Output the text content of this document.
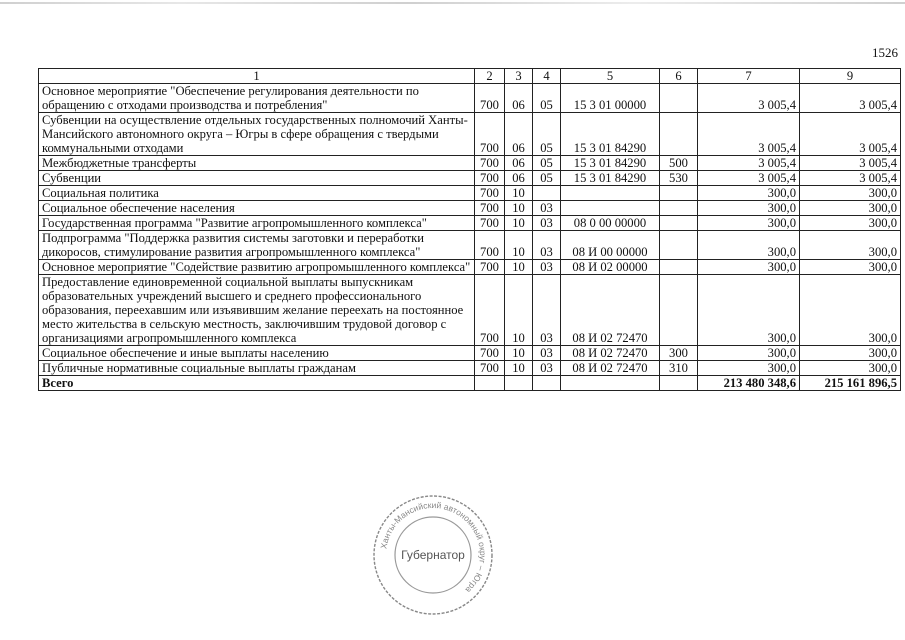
1526
1	2	3	4	5	6	7	9
Основное мероприятие "Обеспечение регулирования деятельности по обращению с отходами производства и потребления"	700	06	05	15 3 01 00000		3 005,4	3 005,4
Субвенции на осуществление отдельных государственных полномочий Ханты-Мансийского автономного округа – Югры в сфере обращения с твердыми коммунальными отходами	700	06	05	15 3 01 84290		3 005,4	3 005,4
Межбюджетные трансферты	700	06	05	15 3 01 84290	500	3 005,4	3 005,4
Субвенции	700	06	05	15 3 01 84290	530	3 005,4	3 005,4
Социальная политика	700	10				300,0	300,0
Социальное обеспечение населения	700	10	03			300,0	300,0
Государственная программа "Развитие агропромышленного комплекса"	700	10	03	08 0 00 00000		300,0	300,0
Подпрограмма "Поддержка развития системы заготовки и переработки дикоросов, стимулирование развития агропромышленного комплекса"	700	10	03	08 И 00 00000		300,0	300,0
Основное мероприятие "Содействие развитию агропромышленного комплекса"	700	10	03	08 И 02 00000		300,0	300,0
Предоставление единовременной социальной выплаты выпускникам образовательных учреждений высшего и среднего профессионального образования, переехавшим или изъявившим желание переехать на постоянное место жительства в сельскую местность, заключившим трудовой договор с организациями агропромышленного комплекса	700	10	03	08 И 02 72470		300,0	300,0
Социальное обеспечение и иные выплаты населению	700	10	03	08 И 02 72470	300	300,0	300,0
Публичные нормативные социальные выплаты гражданам	700	10	03	08 И 02 72470	310	300,0	300,0
Всего						213 480 348,6	215 161 896,5
Ханты-Мансийский автономный округ – Югра
Губернатор
